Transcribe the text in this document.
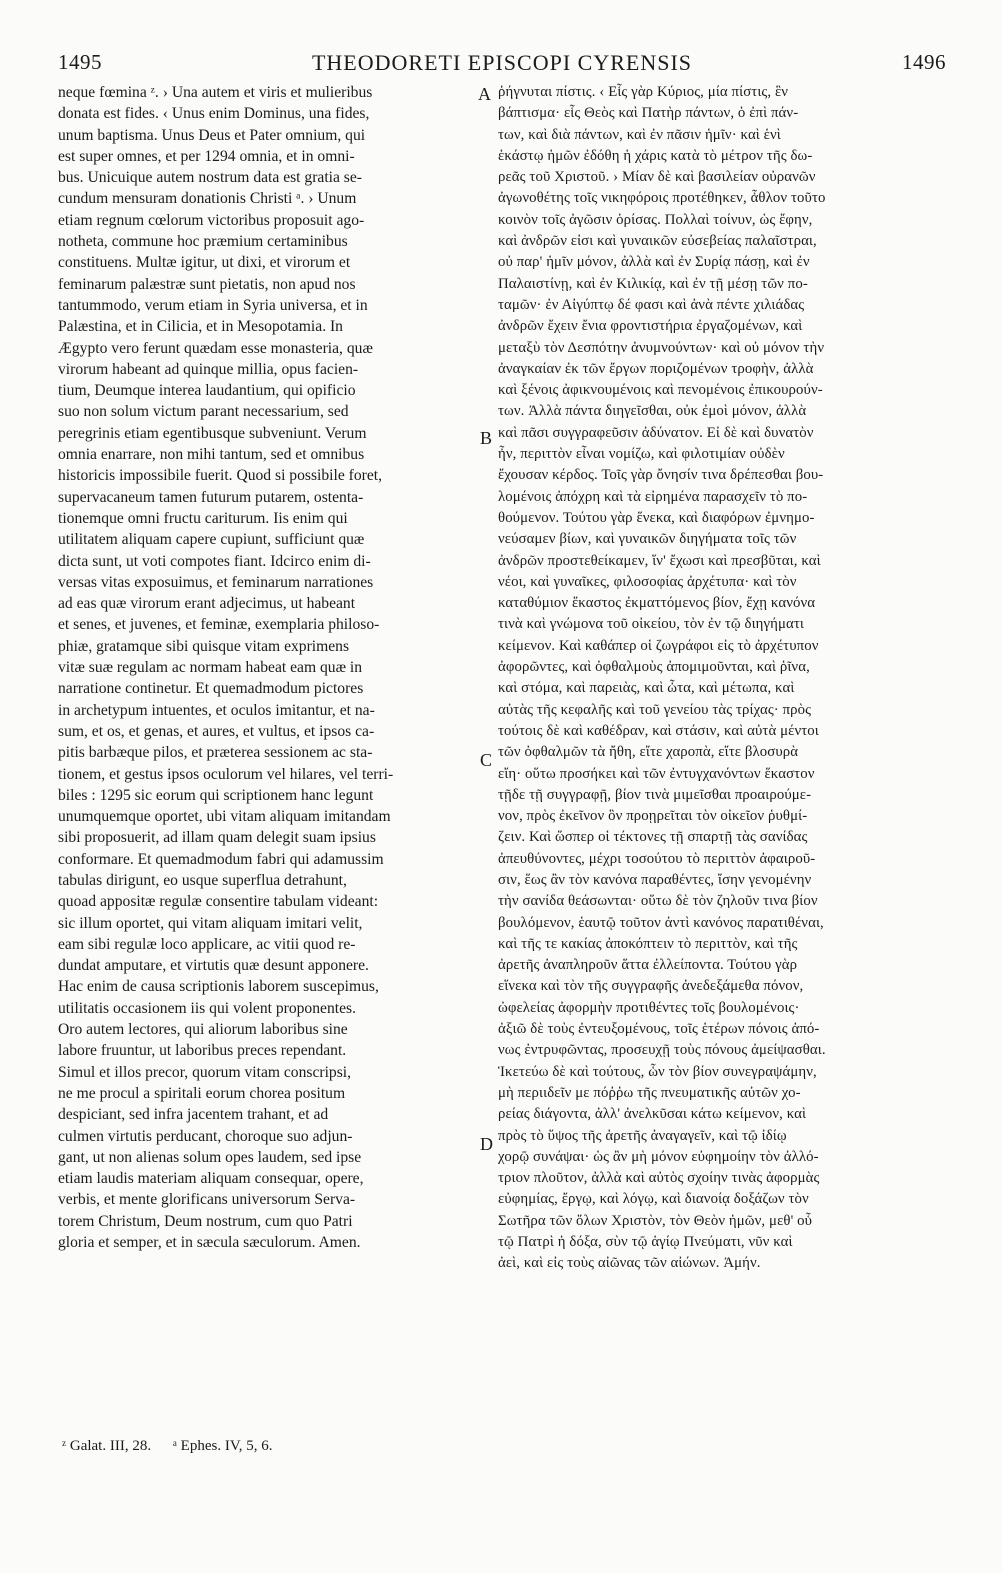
1495	THEODORETI EPISCOPI CYRENSIS	1496
neque fœmina ᶻ. › Una autem et viris et mulieribus
donata est fides. ‹ Unus enim Dominus, una fides,
unum baptisma. Unus Deus et Pater omnium, qui
est super omnes, et per 1294 omnia, et in omni-
bus. Unicuique autem nostrum data est gratia se-
cundum mensuram donationis Christi ᵃ. › Unum
etiam regnum cœlorum victoribus proposuit ago-
notheta, commune hoc præmium certaminibus
constituens. Multæ igitur, ut dixi, et virorum et
feminarum palæstræ sunt pietatis, non apud nos
tantummodo, verum etiam in Syria universa, et in
Palæstina, et in Cilicia, et in Mesopotamia. In
Ægypto vero ferunt quædam esse monasteria, quæ
virorum habeant ad quinque millia, opus facien-
tium, Deumque interea laudantium, qui opificio
suo non solum victum parant necessarium, sed
peregrinis etiam egentibusque subveniunt. Verum
omnia enarrare, non mihi tantum, sed et omnibus
historicis impossibile fuerit. Quod si possibile foret,
supervacaneum tamen futurum putarem, ostenta-
tionemque omni fructu cariturum. Iis enim qui
utilitatem aliquam capere cupiunt, sufficiunt quæ
dicta sunt, ut voti compotes fiant. Idcirco enim di-
versas vitas exposuimus, et feminarum narrationes
ad eas quæ virorum erant adjecimus, ut habeant
et senes, et juvenes, et feminæ, exemplaria philoso-
phiæ, gratamque sibi quisque vitam exprimens
vitæ suæ regulam ac normam habeat eam quæ in
narratione continetur. Et quemadmodum pictores
in archetypum intuentes, et oculos imitantur, et na-
sum, et os, et genas, et aures, et vultus, et ipsos ca-
pitis barbæque pilos, et præterea sessionem ac sta-
tionem, et gestus ipsos oculorum vel hilares, vel terri-
biles : 1295 sic eorum qui scriptionem hanc legunt
unumquemque oportet, ubi vitam aliquam imitandam
sibi proposuerit, ad illam quam delegit suam ipsius
conformare. Et quemadmodum fabri qui adamussim
tabulas dirigunt, eo usque superflua detrahunt,
quoad appositæ regulæ consentire tabulam videant:
sic illum oportet, qui vitam aliquam imitari velit,
eam sibi regulæ loco applicare, ac vitii quod re-
dundat amputare, et virtutis quæ desunt apponere.
Hac enim de causa scriptionis laborem suscepimus,
utilitatis occasionem iis qui volent proponentes.
Oro autem lectores, qui aliorum laboribus sine
labore fruuntur, ut laboribus preces rependant.
Simul et illos precor, quorum vitam conscripsi,
ne me procul a spiritali eorum chorea positum
despiciant, sed infra jacentem trahant, et ad
culmen virtutis perducant, choroque suo adjun-
gant, ut non alienas solum opes laudem, sed ipse
etiam laudis materiam aliquam consequar, opere,
verbis, et mente glorificans universorum Serva-
torem Christum, Deum nostrum, cum quo Patri
gloria et semper, et in sæcula sæculorum. Amen.
ῥήγνυται πίστις. ‹ Εἷς γὰρ Κύριος, μία πίστις, ἓν
βάπτισμα· εἷς Θεὸς καὶ Πατὴρ πάντων, ὁ ἐπὶ πάν-
των, καὶ διὰ πάντων, καὶ ἐν πᾶσιν ἡμῖν· καὶ ἑνὶ
ἑκάστῳ ἡμῶν ἐδόθη ἡ χάρις κατὰ τὸ μέτρον τῆς δω-
ρεᾶς τοῦ Χριστοῦ. › Μίαν δὲ καὶ βασιλείαν οὐρανῶν
ἀγωνοθέτης τοῖς νικηφόροις προτέθηκεν, ἆθλον τοῦτο
κοινὸν τοῖς ἀγῶσιν ὁρίσας. Πολλαὶ τοίνυν, ὡς ἔφην,
καὶ ἀνδρῶν εἰσι καὶ γυναικῶν εὐσεβείας παλαῖστραι,
οὐ παρ' ἡμῖν μόνον, ἀλλὰ καὶ ἐν Συρίᾳ πάσῃ, καὶ ἐν
Παλαιστίνῃ, καὶ ἐν Κιλικίᾳ, καὶ ἐν τῇ μέσῃ τῶν πο-
ταμῶν· ἐν Αἰγύπτῳ δέ φασι καὶ ἀνὰ πέντε χιλιάδας
ἀνδρῶν ἔχειν ἔνια φροντιστήρια ἐργαζομένων, καὶ
μεταξὺ τὸν Δεσπότην ἀνυμνούντων· καὶ οὐ μόνον τὴν
ἀναγκαίαν ἐκ τῶν ἔργων ποριζομένων τροφὴν, ἀλλὰ
καὶ ξένοις ἀφικνουμένοις καὶ πενομένοις ἐπικουρούν-
των. Ἀλλὰ πάντα διηγεῖσθαι, οὐκ ἐμοὶ μόνον, ἀλλὰ
καὶ πᾶσι συγγραφεῦσιν ἀδύνατον. Εἰ δὲ καὶ δυνατὸν
ἦν, περιττὸν εἶναι νομίζω, καὶ φιλοτιμίαν οὐδὲν
ἔχουσαν κέρδος. Τοῖς γὰρ ὄνησίν τινα δρέπεσθαι βου-
λομένοις ἀπόχρη καὶ τὰ εἰρημένα παρασχεῖν τὸ πο-
θούμενον. Τούτου γὰρ ἕνεκα, καὶ διαφόρων ἐμνημο-
νεύσαμεν βίων, καὶ γυναικῶν διηγήματα τοῖς τῶν
ἀνδρῶν προστεθείκαμεν, ἵν' ἔχωσι καὶ πρεσβῦται, καὶ
νέοι, καὶ γυναῖκες, φιλοσοφίας ἀρχέτυπα· καὶ τὸν
καταθύμιον ἕκαστος ἐκματτόμενος βίον, ἔχῃ κανόνα
τινὰ καὶ γνώμονα τοῦ οἰκείου, τὸν ἐν τῷ διηγήματι
κείμενον. Καὶ καθάπερ οἱ ζωγράφοι εἰς τὸ ἀρχέτυπον
ἀφορῶντες, καὶ ὀφθαλμοὺς ἀπομιμοῦνται, καὶ ῥῖνα,
καὶ στόμα, καὶ παρειὰς, καὶ ὦτα, καὶ μέτωπα, καὶ
αὐτὰς τῆς κεφαλῆς καὶ τοῦ γενείου τὰς τρίχας· πρὸς
τούτοις δὲ καὶ καθέδραν, καὶ στάσιν, καὶ αὐτὰ μέντοι
τῶν ὀφθαλμῶν τὰ ἤθη, εἴτε χαροπὰ, εἴτε βλοσυρὰ
εἴη· οὕτω προσήκει καὶ τῶν ἐντυγχανόντων ἕκαστον
τῇδε τῇ συγγραφῇ, βίον τινὰ μιμεῖσθαι προαιρούμε-
νον, πρὸς ἐκεῖνον ὃν προῃρεῖται τὸν οἰκεῖον ῥυθμί-
ζειν. Καὶ ὥσπερ οἱ τέκτονες τῇ σπαρτῇ τὰς σανίδας
ἀπευθύνοντες, μέχρι τοσούτου τὸ περιττὸν ἀφαιροῦ-
σιν, ἕως ἂν τὸν κανόνα παραθέντες, ἴσην γενομένην
τὴν σανίδα θεάσωνται· οὕτω δὲ τὸν ζηλοῦν τινα βίον
βουλόμενον, ἑαυτῷ τοῦτον ἀντὶ κανόνος παρατιθέναι,
καὶ τῆς τε κακίας ἀποκόπτειν τὸ περιττὸν, καὶ τῆς
ἀρετῆς ἀναπληροῦν ἅττα ἐλλείποντα. Τούτου γὰρ
εἵνεκα καὶ τὸν τῆς συγγραφῆς ἀνεδεξάμεθα πόνον,
ὠφελείας ἀφορμὴν προτιθέντες τοῖς βουλομένοις·
ἀξιῶ δὲ τοὺς ἐντευξομένους, τοῖς ἑτέρων πόνοις ἀπό-
νως ἐντρυφῶντας, προσευχῇ τοὺς πόνους ἀμείψασθαι.
Ἱκετεύω δὲ καὶ τούτους, ὧν τὸν βίον συνεγραψάμην,
μὴ περιιδεῖν με πόῤῥω τῆς πνευματικῆς αὐτῶν χο-
ρείας διάγοντα, ἀλλ' ἀνελκῦσαι κάτω κείμενον, καὶ
πρὸς τὸ ὕψος τῆς ἀρετῆς ἀναγαγεῖν, καὶ τῷ ἰδίῳ
χορῷ συνάψαι· ὡς ἂν μὴ μόνον εὐφημοίην τὸν ἀλλό-
τριον πλοῦτον, ἀλλὰ καὶ αὐτὸς σχοίην τινὰς ἀφορμὰς
εὐφημίας, ἔργῳ, καὶ λόγῳ, καὶ διανοίᾳ δοξάζων τὸν
Σωτῆρα τῶν ὅλων Χριστὸν, τὸν Θεὸν ἡμῶν, μεθ' οὗ
τῷ Πατρὶ ἡ δόξα, σὺν τῷ ἁγίῳ Πνεύματι, νῦν καὶ
ἀεὶ, καὶ εἰς τοὺς αἰῶνας τῶν αἰώνων. Ἀμήν.
A
B
C
D
ᶻ Galat. III, 28. ᵃ Ephes. IV, 5, 6.
